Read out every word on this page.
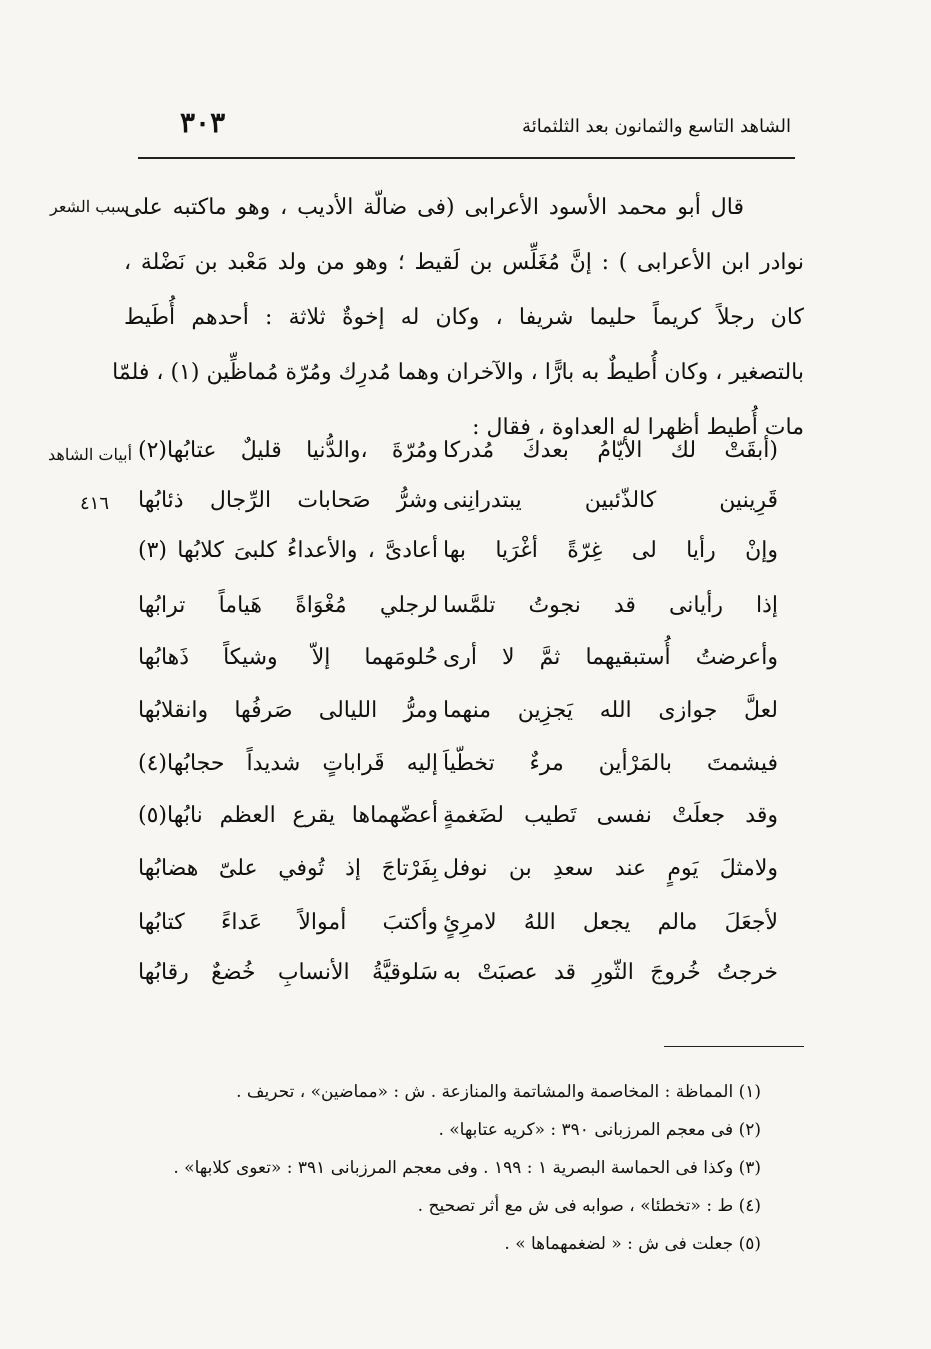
الشاهد التاسع والثمانون بعد الثلثمائة
٣٠٣
سبب الشعر
أبيات الشاهد
٤١٦
قال أبو محمد الأسود الأعرابى (فى ضالّة الأديب ، وهو ماكتبه على
نوادر ابن الأعرابى ) : إنَّ مُغَلِّس بن لَقيط ؛ وهو من ولد مَعْبد بن نَضْلة ،
كان رجلاً كريماً حليما شريفا ، وكان له إخوةٌ ثلاثة : أحدهم أُطَيط
بالتصغير ، وكان أُطيطٌ به بارًّا ، والآخران وهما مُدرِك ومُرّة مُماظِّين (١) ، فلمّا
مات أُطيط أظهرا له العداوة ، فقال :
(أبقَتْ لك الأيّامُ بعدكَ مُدركا
ومُرّةَ ،والدُّنيا قليلٌ عتابُها(٢)
قَرِينين كالذّئبين يبتدرانِنى
وشرُّ صَحابات الرِّجال ذئابُها
وإنْ رأيا لى غِرّةً أغْرَيا بها
أعادىَّ ، والأعداءُ كلبىَ كلابُها (٣)
إذا رأيانى قد نجوتُ تلمَّسا
لرجلي مُغْوَاةً هَياماً ترابُها
وأعرضتُ أُستبقيهما ثمَّ لا أرى
حُلومَهما إلاّ وشيكاً ذَهابُها
لعلَّ جوازى الله يَجزِين منهما
ومرُّ الليالى صَرفُها وانقلابُها
فيشمتَ بالمَرْأين مرءٌ تخطّياَ
إليه قَراباتٍ شديداً حجابُها(٤)
وقد جعلَتْ نفسى تَطيب لضَغمةٍ
أعضّهماها يقرع العظم نابُها(٥)
ولامثلَ يَومٍ عند سعدِ بن نوفل
بِفَرْتاجَ إذ تُوفي علىّ هضابُها
لأجعَلَ مالم يجعل اللهُ لامرِئٍ
وأكتبَ أموالاً عَداءً كتابُها
خرجتُ خُروجَ الثّورِ قد عصبَتْ به
سَلوقيَّةُ الأنسابِ خُضعٌ رقابُها
(١) المماظة : المخاصمة والمشاتمة والمنازعة . ش : «مماضين» ، تحريف .
(٢) فى معجم المرزبانى ٣٩٠ : «كريه عتابها» .
(٣) وكذا فى الحماسة البصرية ١ : ١٩٩ . وفى معجم المرزبانى ٣٩١ : «تعوى كلابها» .
(٤) ط : «تخطئا» ، صوابه فى ش مع أثر تصحيح .
(٥) جعلت فى ش : « لضغمهماها » .
